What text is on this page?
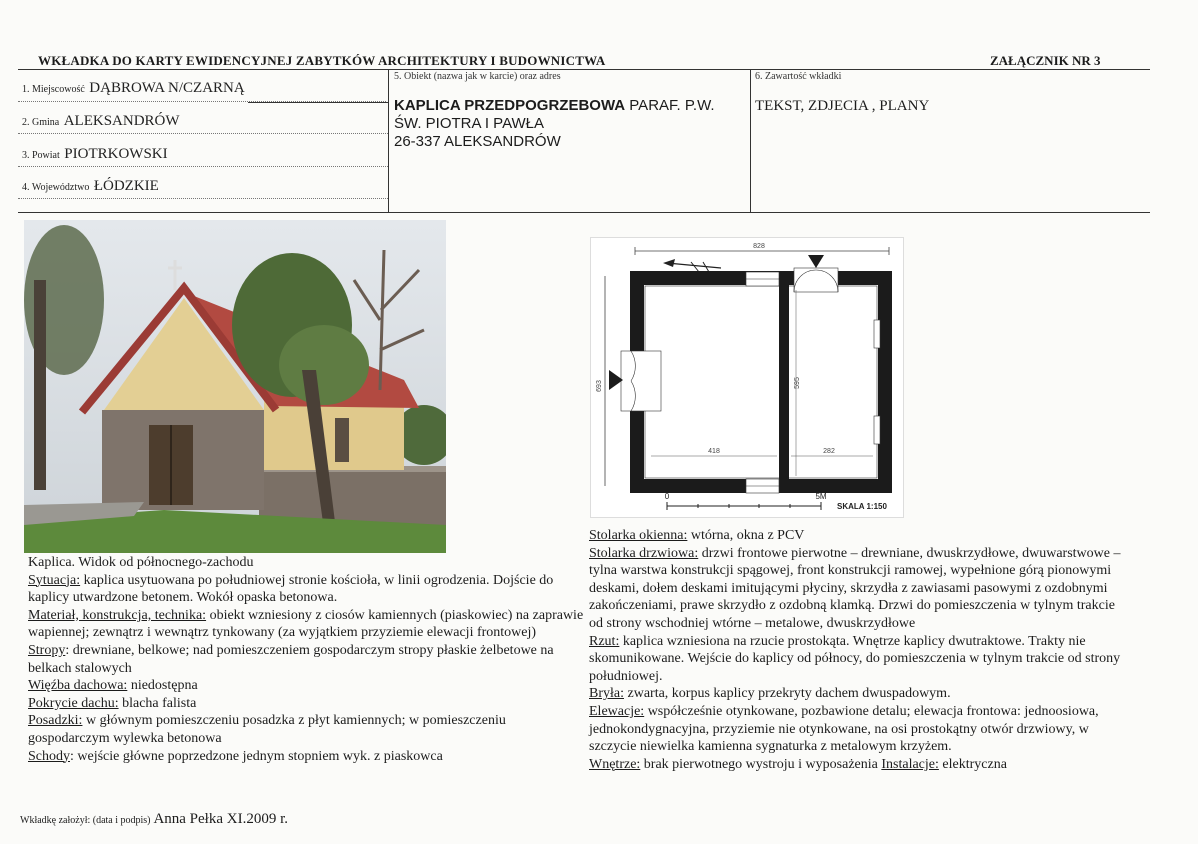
WKŁADKA DO KARTY EWIDENCYJNEJ ZABYTKÓW ARCHITEKTURY I BUDOWNICTWA	ZAŁĄCZNIK NR 3
1. Miejscowość DĄBROWA N/CZARNĄ
2. Gmina ALEKSANDRÓW
3. Powiat PIOTRKOWSKI
4. Województwo ŁÓDZKIE
5. Obiekt (nazwa jak w karcie) oraz adres
KAPLICA PRZEDPOGRZEBOWA PARAF. P.W.
ŚW. PIOTRA I PAWŁA
26-337 ALEKSANDRÓW
6. Zawartość wkładki
TEKST, ZDJECIA , PLANY
828
693
418	282
595
0	5M
SKALA 1:150

Kaplica. Widok od północnego-zachodu

Sytuacja: kaplica usytuowana po południowej stronie kościoła, w linii ogrodzenia. Dojście do kaplicy utwardzone betonem. Wokół opaska betonowa.

Materiał, konstrukcja, technika: obiekt wzniesiony z ciosów kamiennych (piaskowiec) na zaprawie wapiennej; zewnątrz i wewnątrz tynkowany (za wyjątkiem przyziemie elewacji frontowej)

Stropy: drewniane, belkowe; nad pomieszczeniem gospodarczym stropy płaskie żelbetowe na belkach stalowych

Więźba dachowa: niedostępna

Pokrycie dachu: blacha falista

Posadzki: w głównym pomieszczeniu posadzka z płyt kamiennych; w pomieszczeniu gospodarczym wylewka betonowa

Schody: wejście główne poprzedzone jednym stopniem wyk. z piaskowca

Stolarka okienna: wtórna, okna z PCV

Stolarka drzwiowa: drzwi frontowe pierwotne – drewniane, dwuskrzydłowe, dwuwarstwowe – tylna warstwa konstrukcji spągowej, front konstrukcji ramowej, wypełnione górą pionowymi deskami, dołem deskami imitującymi płyciny, skrzydła z zawiasami pasowymi z ozdobnymi zakończeniami, prawe skrzydło z ozdobną klamką. Drzwi do pomieszczenia w tylnym trakcie od strony wschodniej wtórne – metalowe, dwuskrzydłowe

Rzut: kaplica wzniesiona na rzucie prostokąta. Wnętrze kaplicy dwutraktowe. Trakty nie skomunikowane. Wejście do kaplicy od północy, do pomieszczenia w tylnym trakcie od strony południowej.

Bryła: zwarta, korpus kaplicy przekryty dachem dwuspadowym.

Elewacje: współcześnie otynkowane, pozbawione detalu; elewacja frontowa: jednoosiowa, jednokondygnacyjna, przyziemie nie otynkowane, na osi prostokątny otwór drzwiowy, w szczycie niewielka kamienna sygnaturka z metalowym krzyżem.

Wnętrze: brak pierwotnego wystroju i wyposażenia Instalacje: elektryczna

Wkładkę założył: (data i podpis) Anna Pełka XI.2009 r.
